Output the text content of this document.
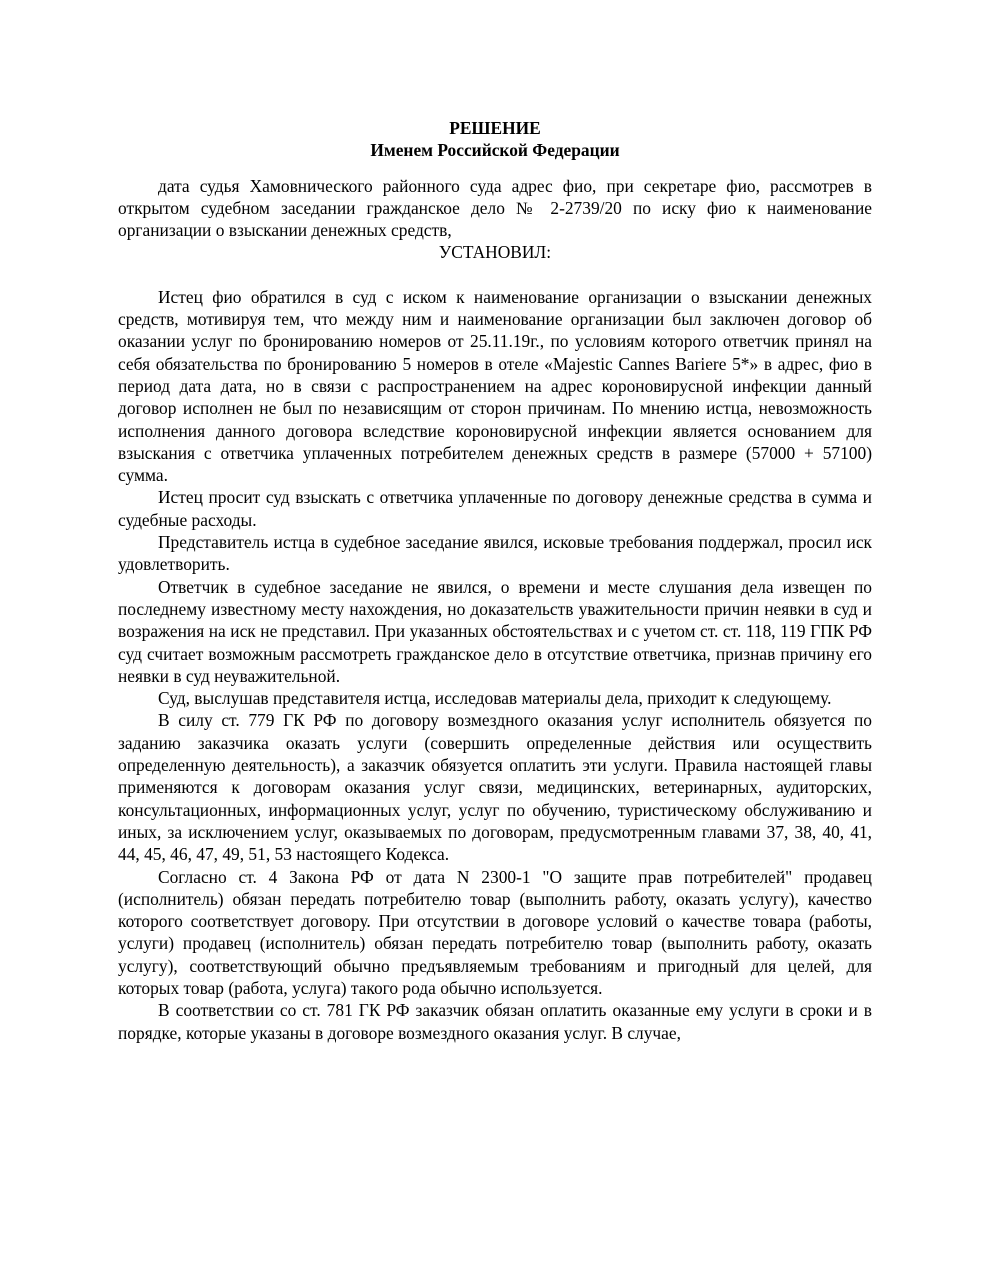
РЕШЕНИЕ

Именем Российской Федерации

дата судья Хамовнического районного суда адрес фио, при секретаре фио, рассмотрев в открытом судебном заседании гражданское дело № 2-2739/20 по иску фио к наименование организации о взыскании денежных средств,

УСТАНОВИЛ:

Истец фио обратился в суд с иском к наименование организации о взыскании денежных средств, мотивируя тем, что между ним и наименование организации был заключен договор об оказании услуг по бронированию номеров от 25.11.19г., по условиям которого ответчик принял на себя обязательства по бронированию 5 номеров в отеле «Majestic Cannes Bariere 5*» в адрес, фио в период дата дата, но в связи с распространением на адрес короновирусной инфекции данный договор исполнен не был по независящим от сторон причинам. По мнению истца, невозможность исполнения данного договора вследствие короновирусной инфекции является основанием для взыскания с ответчика уплаченных потребителем денежных средств в размере (57000 + 57100) сумма.

Истец просит суд взыскать с ответчика уплаченные по договору денежные средства в сумма и судебные расходы.

Представитель истца в судебное заседание явился, исковые требования поддержал, просил иск удовлетворить.

Ответчик в судебное заседание не явился, о времени и месте слушания дела извещен по последнему известному месту нахождения, но доказательств уважительности причин неявки в суд и возражения на иск не представил. При указанных обстоятельствах и с учетом ст. ст. 118, 119 ГПК РФ суд считает возможным рассмотреть гражданское дело в отсутствие ответчика, признав причину его неявки в суд неуважительной.

Суд, выслушав представителя истца, исследовав материалы дела, приходит к следующему.

В силу ст. 779 ГК РФ по договору возмездного оказания услуг исполнитель обязуется по заданию заказчика оказать услуги (совершить определенные действия или осуществить определенную деятельность), а заказчик обязуется оплатить эти услуги. Правила настоящей главы применяются к договорам оказания услуг связи, медицинских, ветеринарных, аудиторских, консультационных, информационных услуг, услуг по обучению, туристическому обслуживанию и иных, за исключением услуг, оказываемых по договорам, предусмотренным главами 37, 38, 40, 41, 44, 45, 46, 47, 49, 51, 53 настоящего Кодекса.

Согласно ст. 4 Закона РФ от дата N 2300-1 "О защите прав потребителей" продавец (исполнитель) обязан передать потребителю товар (выполнить работу, оказать услугу), качество которого соответствует договору. При отсутствии в договоре условий о качестве товара (работы, услуги) продавец (исполнитель) обязан передать потребителю товар (выполнить работу, оказать услугу), соответствующий обычно предъявляемым требованиям и пригодный для целей, для которых товар (работа, услуга) такого рода обычно используется.

В соответствии со ст. 781 ГК РФ заказчик обязан оплатить оказанные ему услуги в сроки и в порядке, которые указаны в договоре возмездного оказания услуг. В случае,
